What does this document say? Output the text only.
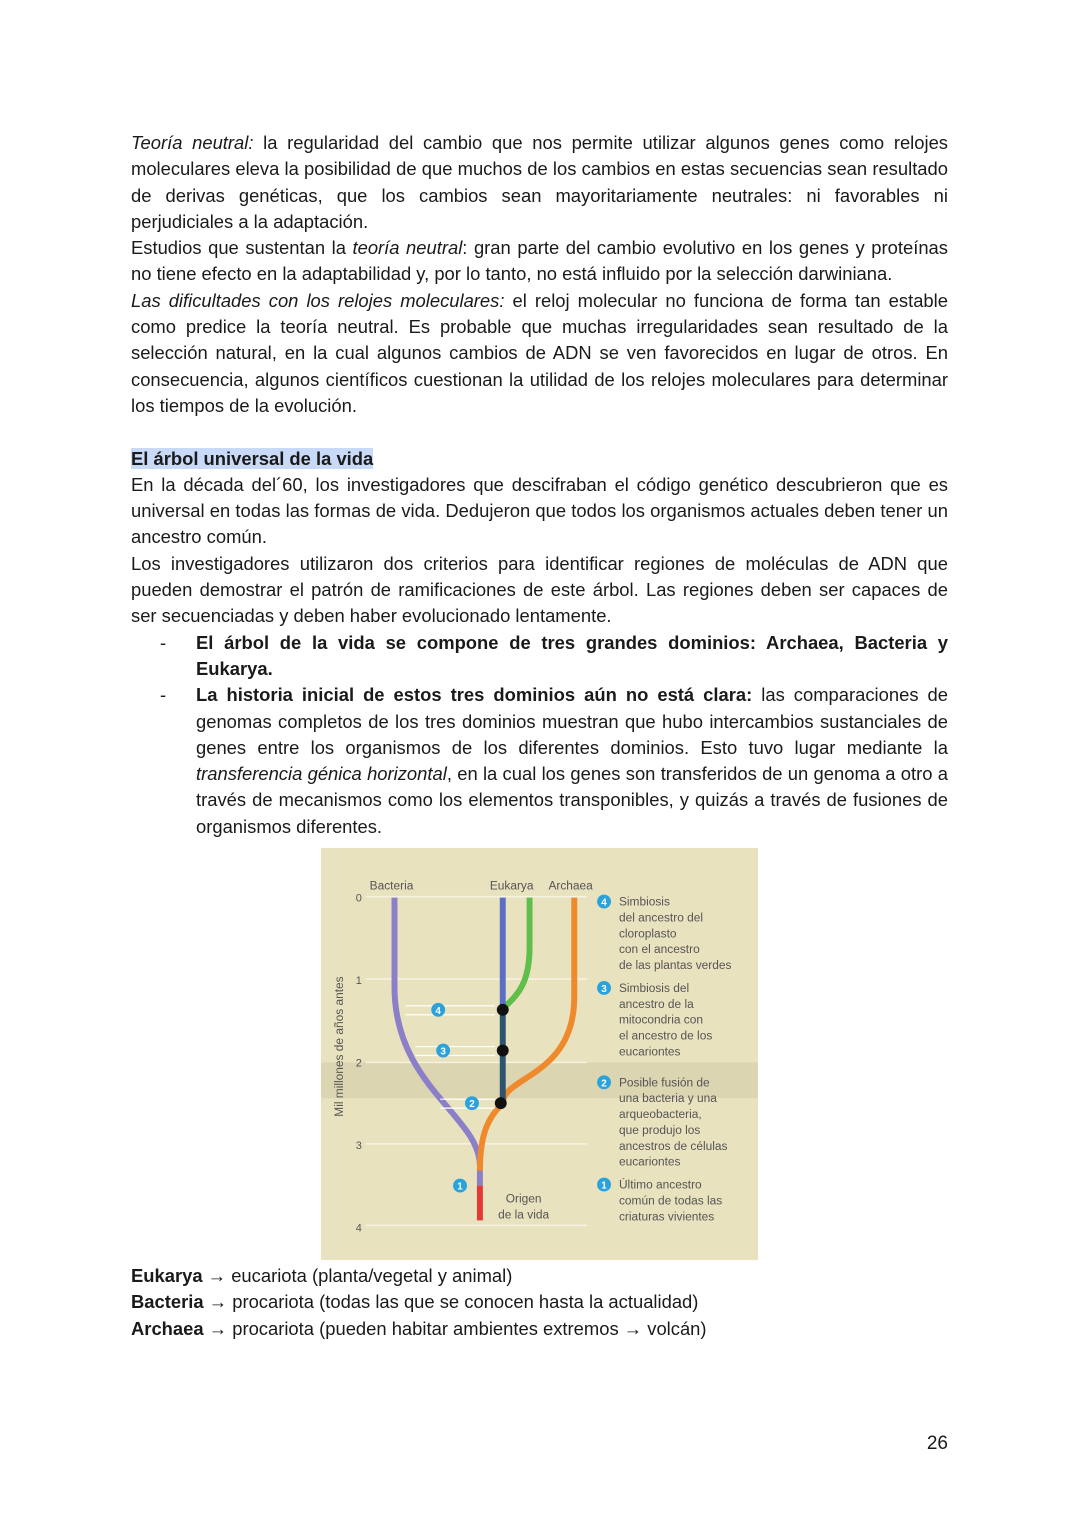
Teoría neutral: la regularidad del cambio que nos permite utilizar algunos genes como relojes moleculares eleva la posibilidad de que muchos de los cambios en estas secuencias sean resultado de derivas genéticas, que los cambios sean mayoritariamente neutrales: ni favorables ni perjudiciales a la adaptación.

Estudios que sustentan la teoría neutral: gran parte del cambio evolutivo en los genes y proteínas no tiene efecto en la adaptabilidad y, por lo tanto, no está influido por la selección darwiniana.

Las dificultades con los relojes moleculares: el reloj molecular no funciona de forma tan estable como predice la teoría neutral. Es probable que muchas irregularidades sean resultado de la selección natural, en la cual algunos cambios de ADN se ven favorecidos en lugar de otros. En consecuencia, algunos científicos cuestionan la utilidad de los relojes moleculares para determinar los tiempos de la evolución.

El árbol universal de la vida

En la década del´60, los investigadores que descifraban el código genético descubrieron que es universal en todas las formas de vida. Dedujeron que todos los organismos actuales deben tener un ancestro común.

Los investigadores utilizaron dos criterios para identificar regiones de moléculas de ADN que pueden demostrar el patrón de ramificaciones de este árbol. Las regiones deben ser capaces de ser secuenciadas y deben haber evolucionado lentamente.

- El árbol de la vida se compone de tres grandes dominios: Archaea, Bacteria y Eukarya.
- La historia inicial de estos tres dominios aún no está clara: las comparaciones de genomas completos de los tres dominios muestran que hubo intercambios sustanciales de genes entre los organismos de los diferentes dominios. Esto tuvo lugar mediante la transferencia génica horizontal, en la cual los genes son transferidos de un genoma a otro a través de mecanismos como los elementos transponibles, y quizás a través de fusiones de organismos diferentes.
0
1
2
3
4
Mil millones de años antes
Bacteria	Eukarya Archaea
4
3
2
1
Origen
de la vida
4 Simbiosis
del ancestro del
cloroplasto
con el ancestro
de las plantas verdes
3 Simbiosis del
ancestro de la
mitocondria con
el ancestro de los
eucariontes
2 Posible fusión de
una bacteria y una
arqueobacteria,
que produjo los
ancestros de células
eucariontes
1 Último ancestro
común de todas las
criaturas vivientes

Eukarya → eucariota (planta/vegetal y animal)

Bacteria → procariota (todas las que se conocen hasta la actualidad)

Archaea → procariota (pueden habitar ambientes extremos → volcán)

26
